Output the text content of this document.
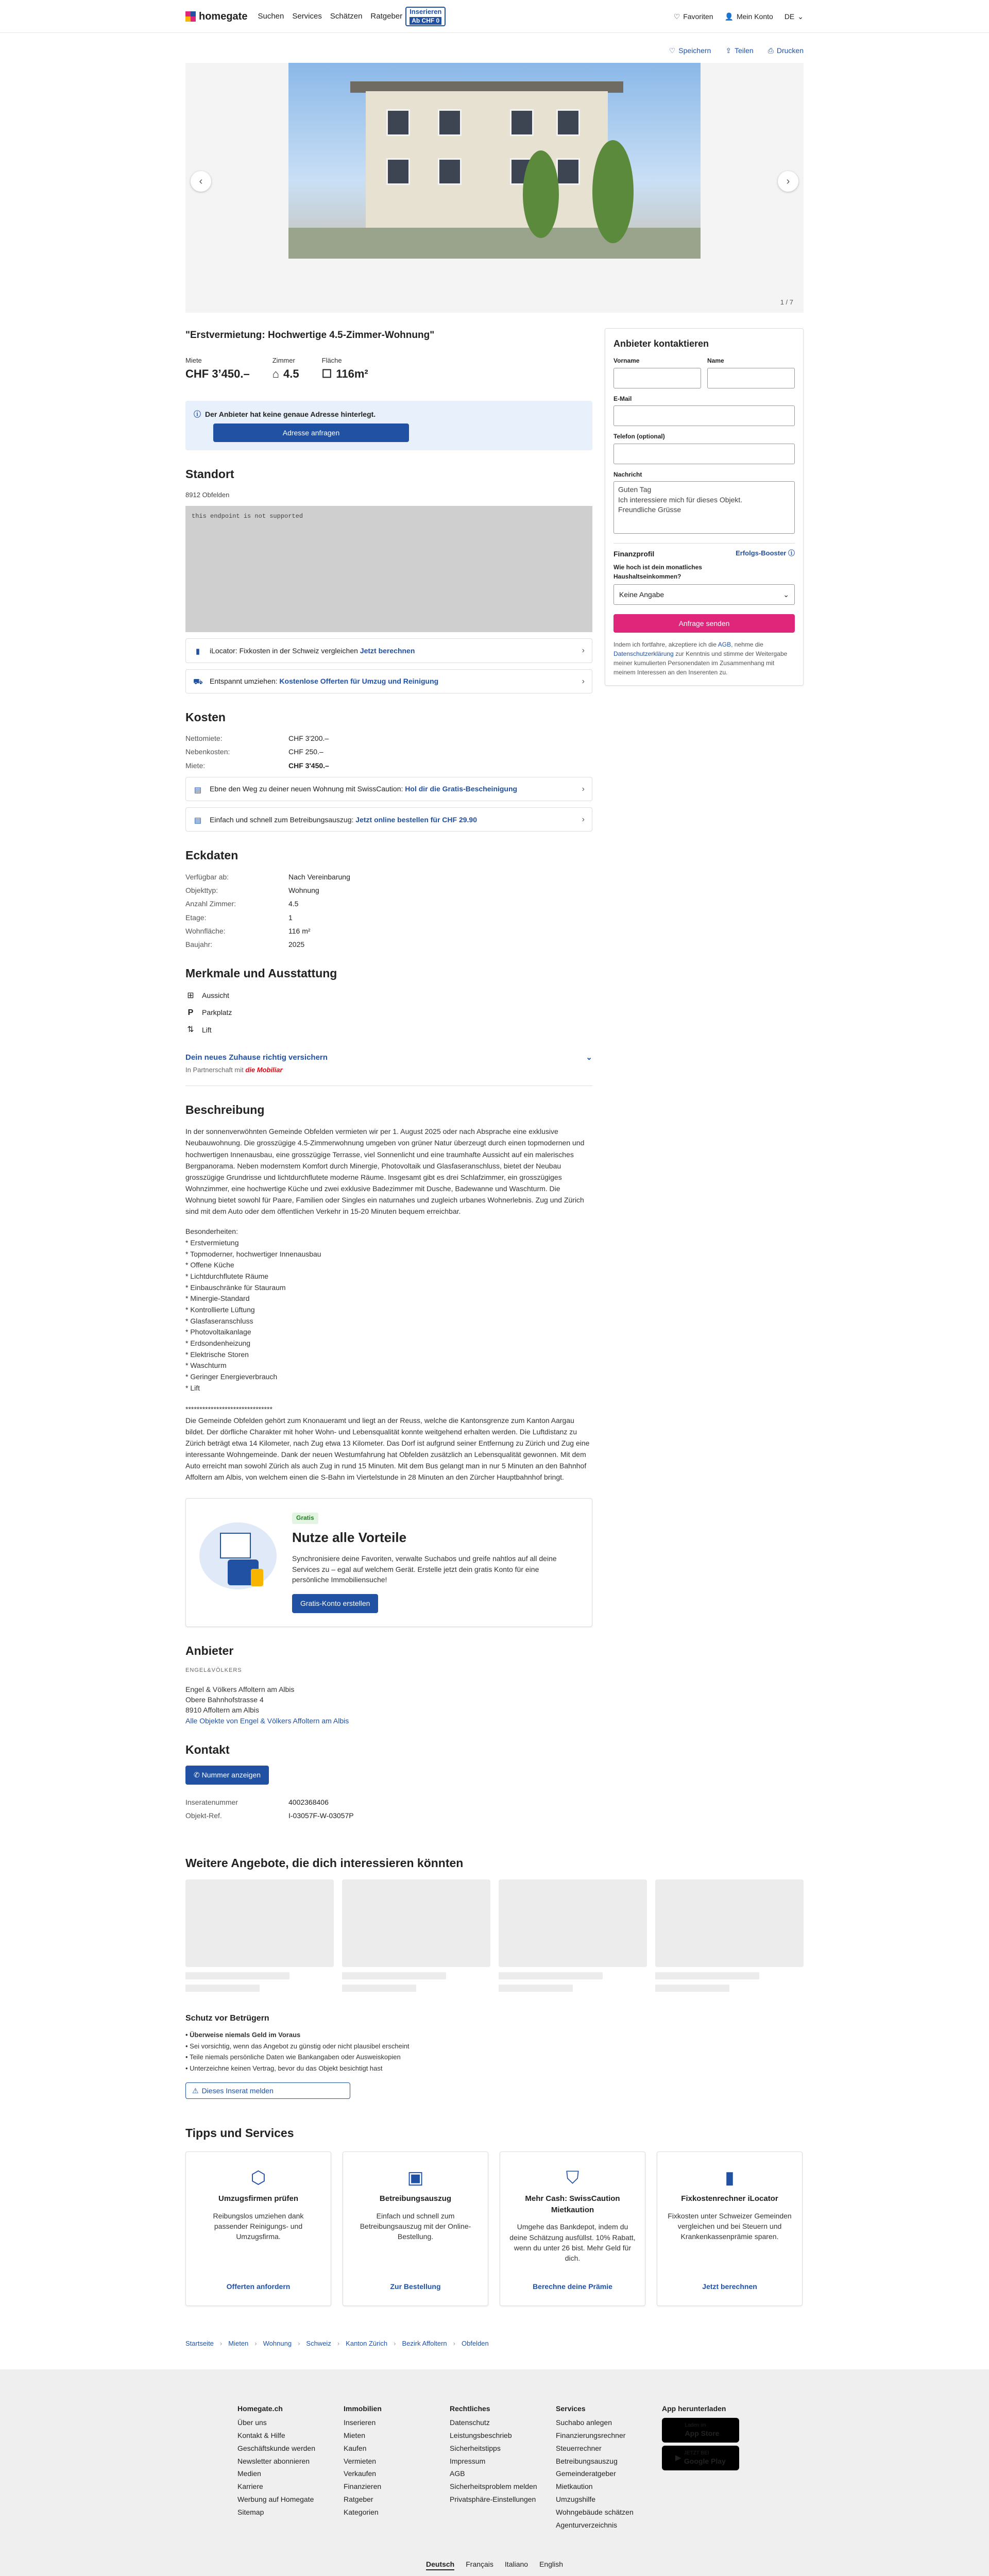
homegate Suchen Services Schätzen Ratgeber
Inserieren
Ab CHF 0	♡ Favoriten 👤 Mein Konto DE ⌄
♡ Speichern ⇪ Teilen ⎙ Drucken
‹	›
1 / 7
"Erstvermietung: Hochwertige 4.5-Zimmer-Wohnung"
Miete
CHF 3’450.–
Zimmer
⌂ 4.5
Fläche
☐ 116m²
ⓘ Der Anbieter hat keine genaue Adresse hinterlegt.
Adresse anfragen
Standort
8912 Obfelden
this endpoint is not supported
▮	iLocator: Fixkosten in der Schweiz vergleichen Jetzt berechnen	›
⛟ Entspannt umziehen: Kostenlose Offerten für Umzug und Reinigung	›
Kosten
Nettomiete:	CHF 3'200.–
Nebenkosten:	CHF 250.–
Miete:	CHF 3'450.–
▤ Ebne den Weg zu deiner neuen Wohnung mit SwissCaution: Hol dir die Gratis-Bescheinigung	›
▤ Einfach und schnell zum Betreibungsauszug: Jetzt online bestellen für CHF 29.90	›
Eckdaten
Verfügbar ab:	Nach Vereinbarung
Objekttyp:	Wohnung
Anzahl Zimmer:	4.5
Etage:	1
Wohnfläche:	116 m²
Baujahr:	2025
Merkmale und Ausstattung
⊞ Aussicht
P	Parkplatz
⇅ Lift
Dein neues Zuhause richtig versichern	⌄
In Partnerschaft mit die Mobiliar
Beschreibung

In der sonnenverwöhnten Gemeinde Obfelden vermieten wir per 1. August 2025 oder nach Absprache eine exklusive Neubauwohnung. Die grosszügige 4.5-Zimmerwohnung umgeben von grüner Natur überzeugt durch einen topmodernen und hochwertigen Innenausbau, eine grosszügige Terrasse, viel Sonnenlicht und eine traumhafte Aussicht auf ein malerisches Bergpanorama. Neben modernstem Komfort durch Minergie, Photovoltaik und Glasfaseranschluss, bietet der Neubau grosszügige Grundrisse und lichtdurchflutete moderne Räume. Insgesamt gibt es drei Schlafzimmer, ein grosszügiges Wohnzimmer, eine hochwertige Küche und zwei exklusive Badezimmer mit Dusche, Badewanne und Waschturm. Die Wohnung bietet sowohl für Paare, Familien oder Singles ein naturnahes und zugleich urbanes Wohnerlebnis. Zug und Zürich sind mit dem Auto oder dem öffentlichen Verkehr in 15-20 Minuten bequem erreichbar.

Besonderheiten:
* Erstvermietung
* Topmoderner, hochwertiger Innenausbau
* Offene Küche
* Lichtdurchflutete Räume
* Einbauschränke für Stauraum
* Minergie-Standard
* Kontrollierte Lüftung
* Glasfaseranschluss
* Photovoltaikanlage
* Erdsondenheizung
* Elektrische Storen
* Waschturm
* Geringer Energieverbrauch
* Lift

*******************************

Die Gemeinde Obfelden gehört zum Knonaueramt und liegt an der Reuss, welche die Kantonsgrenze zum Kanton Aargau bildet. Der dörfliche Charakter mit hoher Wohn- und Lebensqualität konnte weitgehend erhalten werden. Die Luftdistanz zu Zürich beträgt etwa 14 Kilometer, nach Zug etwa 13 Kilometer. Das Dorf ist aufgrund seiner Entfernung zu Zürich und Zug eine interessante Wohngemeinde. Dank der neuen Westumfahrung hat Obfelden zusätzlich an Lebensqualität gewonnen. Mit dem Auto erreicht man sowohl Zürich als auch Zug in rund 15 Minuten. Mit dem Bus gelangt man in nur 5 Minuten an den Bahnhof Affoltern am Albis, von welchem einen die S-Bahn im Viertelstunde in 28 Minuten an den Zürcher Hauptbahnhof bringt.

Gratis
Nutze alle Vorteile

Synchronisiere deine Favoriten, verwalte Suchabos und greife nahtlos auf all deine Services zu – egal auf welchem Gerät. Erstelle jetzt dein gratis Konto für eine persönliche Immobiliensuche!

Gratis-Konto erstellen
Anbieter
ENGEL&VÖLKERS
Engel & Völkers Affoltern am Albis
Obere Bahnhofstrasse 4
8910 Affoltern am Albis
Alle Objekte von Engel & Völkers Affoltern am Albis
Kontakt
✆ Nummer anzeigen
Inseratenummer	4002368406
Objekt-Ref.	I-03057F-W-03057P
Anbieter kontaktieren
Vorname	Name
E-Mail
Telefon (optional)
Nachricht
Guten Tag
Ich interessiere mich für dieses Objekt.
Freundliche Grüsse
Finanzprofil	Erfolgs-Booster ⓘ
Wie hoch ist dein monatliches Haushaltseinkommen?
Keine Angabe	⌄
Anfrage senden
Indem ich fortfahre, akzeptiere ich die AGB, nehme die Datenschutzerklärung zur Kenntnis und stimme der Weitergabe meiner kumulierten Personendaten im Zusammenhang mit meinem Interessen an den Inserenten zu.
Weitere Angebote, die dich interessieren könnten
Schutz vor Betrügern
• Überweise niemals Geld im Voraus
• Sei vorsichtig, wenn das Angebot zu günstig oder nicht plausibel erscheint
• Teile niemals persönliche Daten wie Bankangaben oder Ausweiskopien
• Unterzeichne keinen Vertrag, bevor du das Objekt besichtigt hast
⚠ Dieses Inserat melden
Tipps und Services
⬡
Umzugsfirmen prüfen

Reibungslos umziehen dank passender Reinigungs- und Umzugsfirma.

Offerten anfordern
▣
Betreibungsauszug

Einfach und schnell zum Betreibungsauszug mit der Online-Bestellung.

Zur Bestellung
⛉
Mehr Cash: SwissCaution Mietkaution

Umgehe das Bankdepot, indem du deine Schätzung ausfüllst. 10% Rabatt, wenn du unter 26 bist. Mehr Geld für dich.

Berechne deine Prämie
▮
Fixkostenrechner iLocator

Fixkosten unter Schweizer Gemeinden vergleichen und bei Steuern und Krankenkassenprämie sparen.

Jetzt berechnen
Startseite › Mieten › Wohnung › Schweiz › Kanton Zürich › Bezirk Affoltern › Obfelden
Homegate.ch
Über uns
Kontakt & Hilfe
Geschäftskunde werden
Newsletter abonnieren
Medien
Karriere
Werbung auf Homegate
Sitemap
Immobilien
Inserieren
Mieten
Kaufen
Vermieten
Verkaufen
Finanzieren
Ratgeber
Kategorien
Rechtliches
Datenschutz
Leistungsbeschrieb
Sicherheitstipps
Impressum
AGB
Sicherheitsproblem melden
Privatsphäre-Einstellungen
Services
Suchabo anlegen
Finanzierungsrechner
Steuerrechner
Betreibungsauszug
Gemeinderatgeber
Mietkaution
Umzugshilfe
Wohngebäude schätzen
Agenturverzeichnis
App herunterladen
Laden im
App Store
▶
JETZT BEI
Google Play
Deutsch Français Italiano English
